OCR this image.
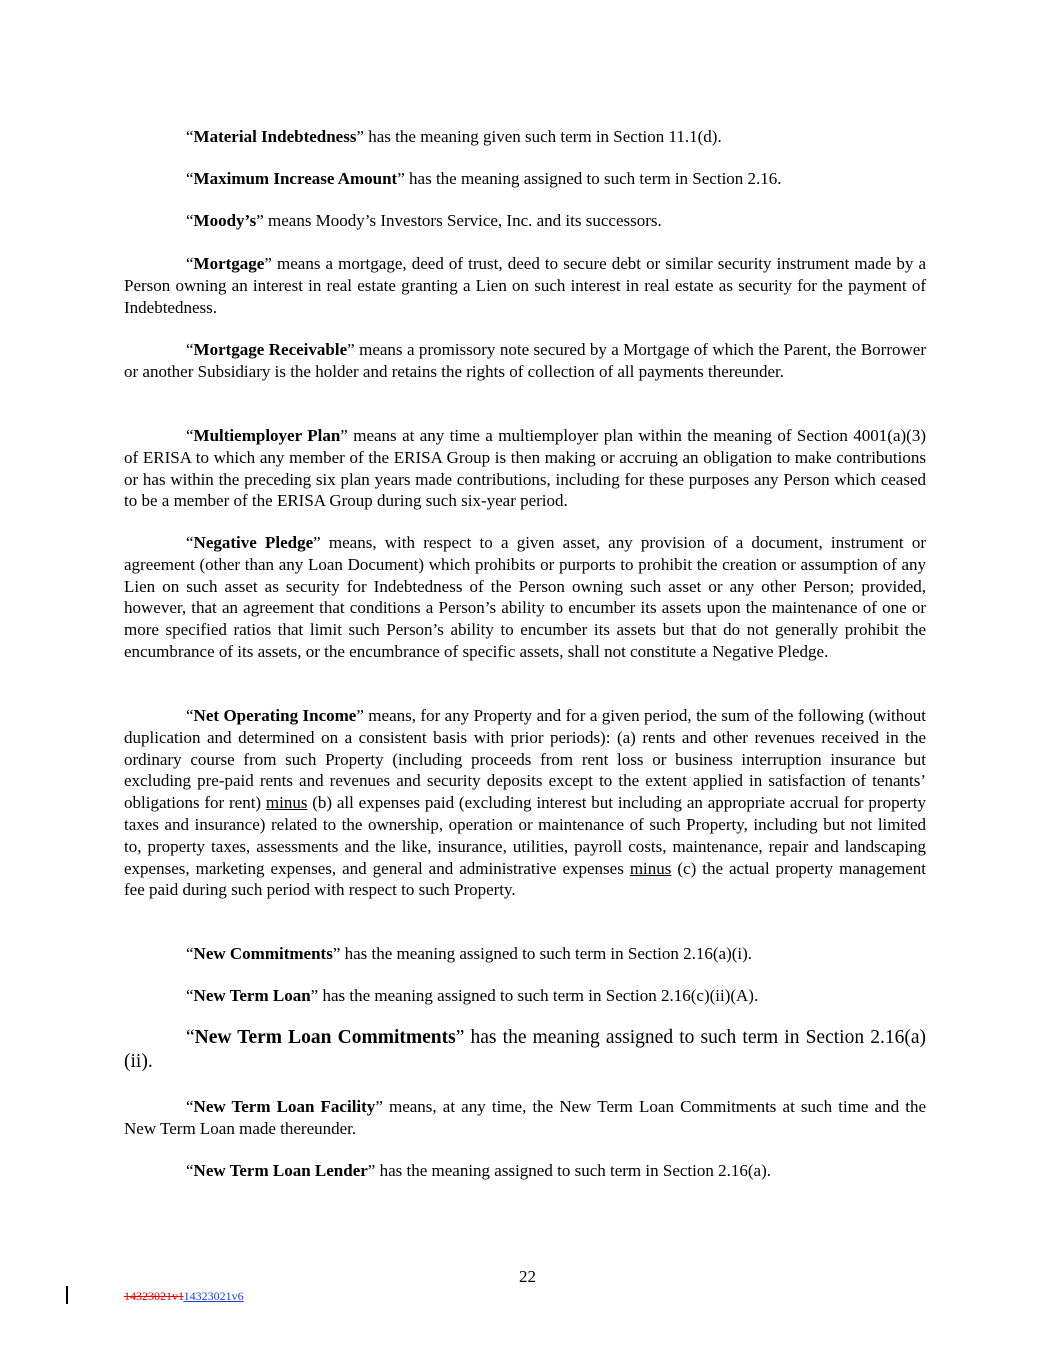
“Material Indebtedness” has the meaning given such term in Section 11.1(d).

“Maximum Increase Amount” has the meaning assigned to such term in Section 2.16.

“Moody’s” means Moody’s Investors Service, Inc. and its successors.

“Mortgage” means a mortgage, deed of trust, deed to secure debt or similar security instrument made by a Person owning an interest in real estate granting a Lien on such interest in real estate as security for the payment of Indebtedness.

“Mortgage Receivable” means a promissory note secured by a Mortgage of which the Parent, the Borrower or another Subsidiary is the holder and retains the rights of collection of all payments thereunder.

“Multiemployer Plan” means at any time a multiemployer plan within the meaning of Section 4001(a)(3) of ERISA to which any member of the ERISA Group is then making or accruing an obligation to make contributions or has within the preceding six plan years made contributions, including for these purposes any Person which ceased to be a member of the ERISA Group during such six-year period.

“Negative Pledge” means, with respect to a given asset, any provision of a document, instrument or agreement (other than any Loan Document) which prohibits or purports to prohibit the creation or assumption of any Lien on such asset as security for Indebtedness of the Person owning such asset or any other Person; provided, however, that an agreement that conditions a Person’s ability to encumber its assets upon the maintenance of one or more specified ratios that limit such Person’s ability to encumber its assets but that do not generally prohibit the encumbrance of its assets, or the encumbrance of specific assets, shall not constitute a Negative Pledge.

“Net Operating Income” means, for any Property and for a given period, the sum of the following (without duplication and determined on a consistent basis with prior periods): (a) rents and other revenues received in the ordinary course from such Property (including proceeds from rent loss or business interruption insurance but excluding pre-paid rents and revenues and security deposits except to the extent applied in satisfaction of tenants’ obligations for rent) minus (b) all expenses paid (excluding interest but including an appropriate accrual for property taxes and insurance) related to the ownership, operation or maintenance of such Property, including but not limited to, property taxes, assessments and the like, insurance, utilities, payroll costs, maintenance, repair and landscaping expenses, marketing expenses, and general and administrative expenses minus (c) the actual property management fee paid during such period with respect to such Property.

“New Commitments” has the meaning assigned to such term in Section 2.16(a)(i).

“New Term Loan” has the meaning assigned to such term in Section 2.16(c)(ii)(A).

“New Term Loan Commitments” has the meaning assigned to such term in Section 2.16(a)(ii).

“New Term Loan Facility” means, at any time, the New Term Loan Commitments at such time and the New Term Loan made thereunder.

“New Term Loan Lender” has the meaning assigned to such term in Section 2.16(a).

22
14323021v114323021v6
